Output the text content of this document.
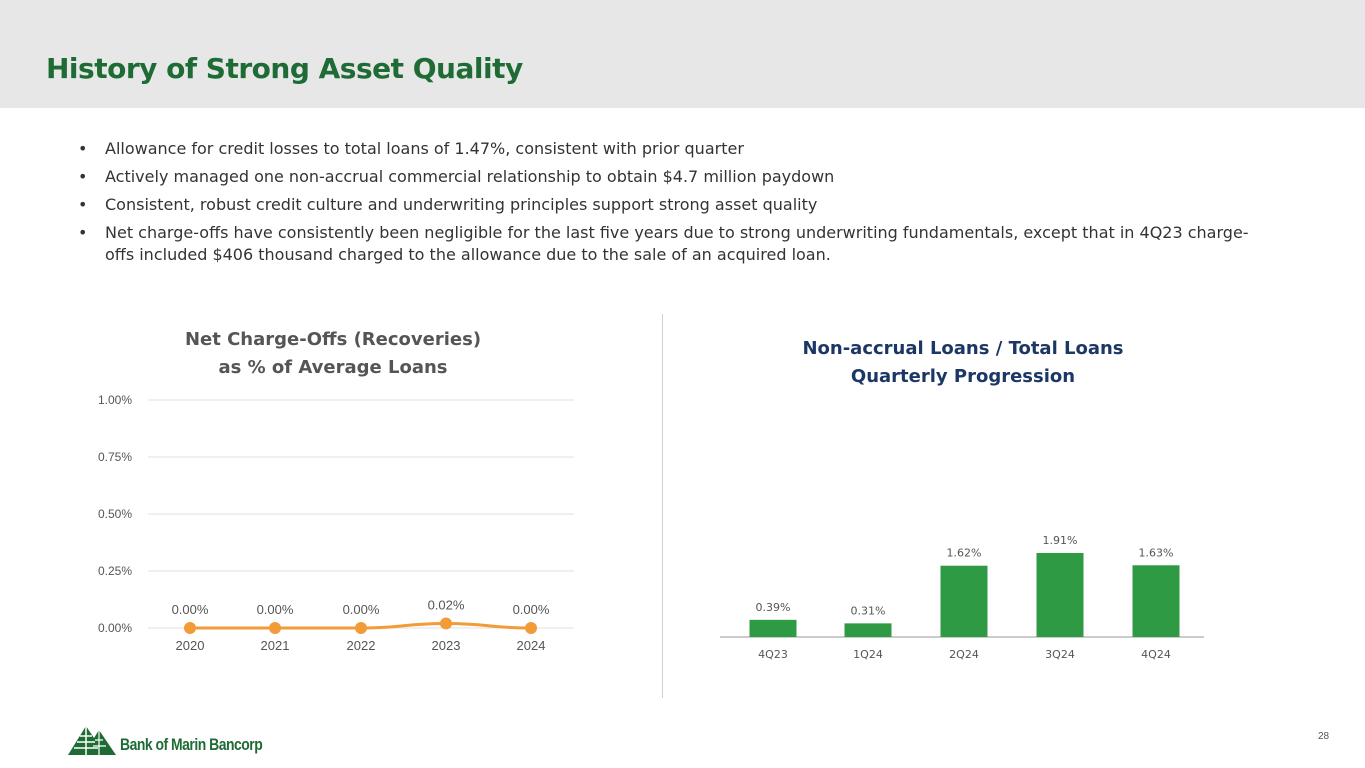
History of Strong Asset Quality
• Allowance for credit losses to total loans of 1.47%, consistent with prior quarter
• Actively managed one non-accrual commercial relationship to obtain $4.7 million paydown
• Consistent, robust credit culture and underwriting principles support strong asset quality
• Net charge-offs have consistently been negligible for the last five years due to strong underwriting fundamentals, except that in 4Q23 charge-offs included $406 thousand charged to the allowance due to the sale of an acquired loan.
Net Charge-Offs (Recoveries)
as % of Average Loans
Non-accrual Loans / Total Loans
Quarterly Progression
0.00%
0.25%
0.50%
0.75%
1.00%
0.00%
2020
0.00%
2021
0.00%
2022
0.02%
2023
0.00%
2024
0.39%
4Q23
0.31%
1Q24
1.62%
2Q24
1.91%
3Q24
1.63%
4Q24
Bank of Marin Bancorp	28
